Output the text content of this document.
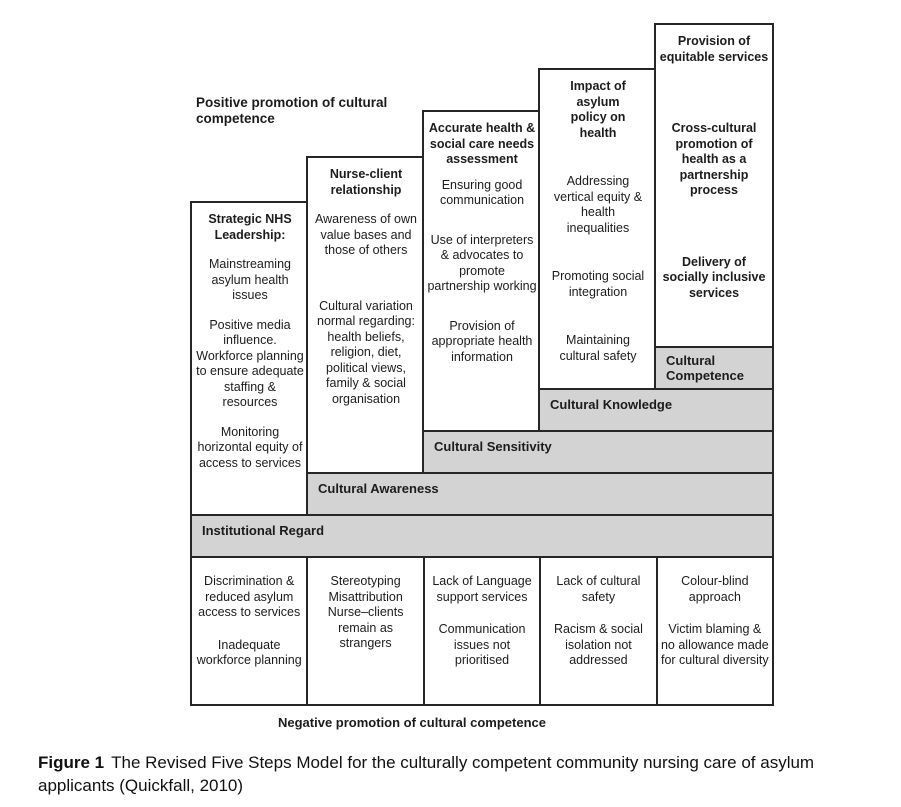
Positive promotion of cultural competence
Strategic NHS Leadership:
Mainstreaming asylum health issues
Positive media influence. Workforce planning to ensure adequate staffing & resources
Monitoring horizontal equity of access to services
Nurse-client relationship
Awareness of own value bases and those of others
Cultural variation normal regarding: health beliefs, religion, diet, political views, family & social organisation
Accurate health & social care needs assessment
Ensuring good communication
Use of interpreters & advocates to promote partnership working
Provision of appropriate health information
Impact of asylum policy on health
Addressing vertical equity & health inequalities
Promoting social integration
Maintaining cultural safety
Provision of equitable services
Cross-cultural promotion of health as a partnership process
Delivery of socially inclusive services
Cultural Competence
Cultural Knowledge
Cultural Sensitivity
Cultural Awareness
Institutional Regard
Discrimination & reduced asylum access to services
Inadequate workforce planning
Stereotyping
Misattribution
Nurse–clients remain as strangers
Lack of Language support services
Communication issues not prioritised
Lack of cultural safety
Racism & social isolation not addressed
Colour-blind approach
Victim blaming & no allowance made for cultural diversity
Negative promotion of cultural competence
Figure 1 The Revised Five Steps Model for the culturally competent community nursing care of asylum applicants (Quickfall, 2010)
